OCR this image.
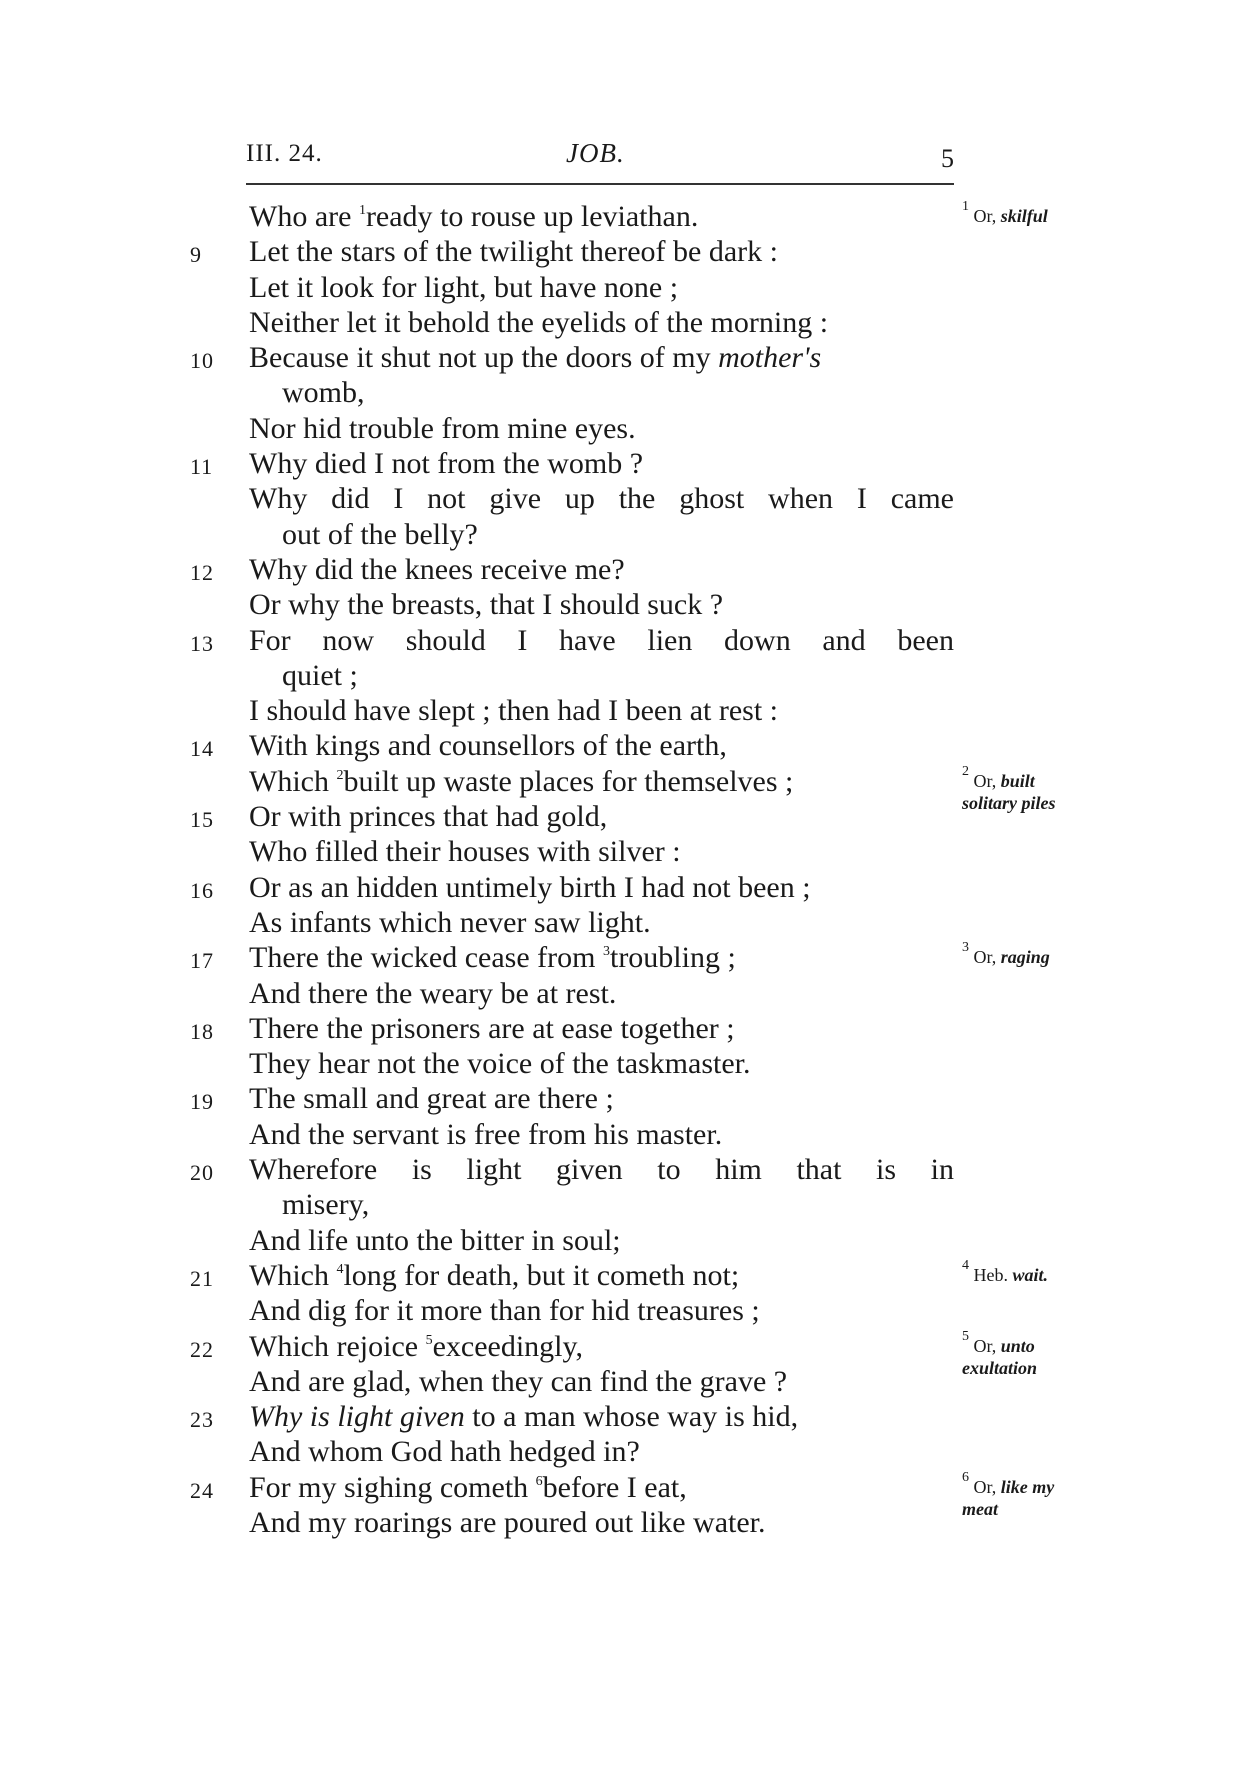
III. 24.	JOB.	5
Who are $^1$ready to rouse up leviathan.
9	Let the stars of the twilight thereof be dark :
Let it look for light, but have none ;
Neither let it behold the eyelids of the morning :
10	Because it shut not up the doors of my mother's
womb,
Nor hid trouble from mine eyes.
11	Why died I not from the womb ?
Why did I not give up the ghost when I came
out of the belly?
12	Why did the knees receive me?
Or why the breasts, that I should suck ?
13	For now should I have lien down and been
quiet ;
I should have slept ; then had I been at rest :
14	With kings and counsellors of the earth,
Which $^2$built up waste places for themselves ;
15	Or with princes that had gold,
Who filled their houses with silver :
16	Or as an hidden untimely birth I had not been ;
As infants which never saw light.
17	There the wicked cease from $^3$troubling ;
And there the weary be at rest.
18	There the prisoners are at ease together ;
They hear not the voice of the taskmaster.
19	The small and great are there ;
And the servant is free from his master.
20	Wherefore is light given to him that is in
misery,
And life unto the bitter in soul;
21	Which $^4$long for death, but it cometh not;
And dig for it more than for hid treasures ;
22	Which rejoice $^5$exceedingly,
And are glad, when they can find the grave ?
23	Why is light given to a man whose way is hid,
And whom God hath hedged in?
24	For my sighing cometh $^6$before I eat,
And my roarings are poured out like water.
$^1$ Or, skilful
$^2$ Or, built solitary piles
$^3$ Or, raging
$^4$ Heb. wait.
$^5$ Or, unto exultation
$^6$ Or, like my meat
